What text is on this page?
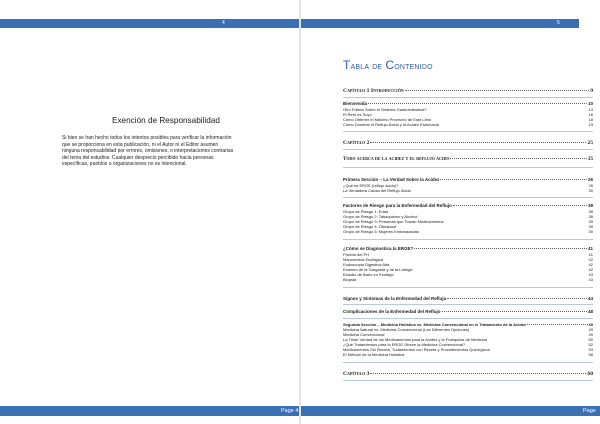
4
Exención de Responsabilidad
Si bien se han hecho todos los intentos posibles para verificar la información
que se proporciona en esta publicación, ni el Autor ni el Editor asumen
ninguna responsabilidad por errores, omisiones, o interpretaciones contrarias
del tema del estudios. Cualquier desprecio percibido hacia personas
específicas, pueblos u organizaciones no es intencional.
Page 4
5
Tabla de Contenido
Capítulo 1 Introducción	9
Bienvenida	10
Otro Folleto Sobre el Sistema Gastrointestinal?	13
El Reto es Suyo	16
Cómo Obtener el Máximo Provecho de Este Libro	18
Cómo Dominar el Reflujo Ácido y la Acidez Estomacal	23
Capítulo 2	25
Todo acerca de la acidez y el reflujo ácido	25
Primera Sección – La Verdad Sobre la Acidez	26
¿Qué es ERGE (reflujo ácido)?	26
La Verdadera Causa del Reflujo Ácido	30
Factores de Riesgo para la Enfermedad del Reflujo	38
Grupo de Riesgo 1: Edad	38
Grupo de Riesgo 2: Tabaquismo y Alcohol	38
Grupo de Riesgo 3: Personas que Toman Medicamentos	39
Grupo de Riesgo 4: Obesidad	39
Grupo de Riesgo 5: Mujeres Embarazadas	39
¿Cómo se Diagnostica la ERGE?	41
Prueba del PH	41
Manometría Esofágica	42
Endoscopia Digestiva Alta	42
Examen de la Garganta y de la Laringe	42
Estudio de Bario en Esófago	43
Biopsia	43
Signos y Síntomas de la Enfermedad del Reflujo	44
Complicaciones de la Enfermedad del Reflujo	48
Segunda Sección – Medicina Holística vs. Medicina Convencional en el Tratamiento de la Acidez	49
Medicina Natural vs. Medicina Convencional (Las Diferentes Opciones)	49
Medicina Convencional	49
La Triste Verdad de los Medicamentos para la Acidez y la Franquicia de Medicina	50
¿Qué Tratamientos para la ERGE Ofrece la Medicina Convencional?	52
Medicamentos Sin Receta, Tratamientos con Receta y Procedimientos Quirúrgicos	53
El Método de la Medicina Holística	58
Capítulo 3	60
Page 5
